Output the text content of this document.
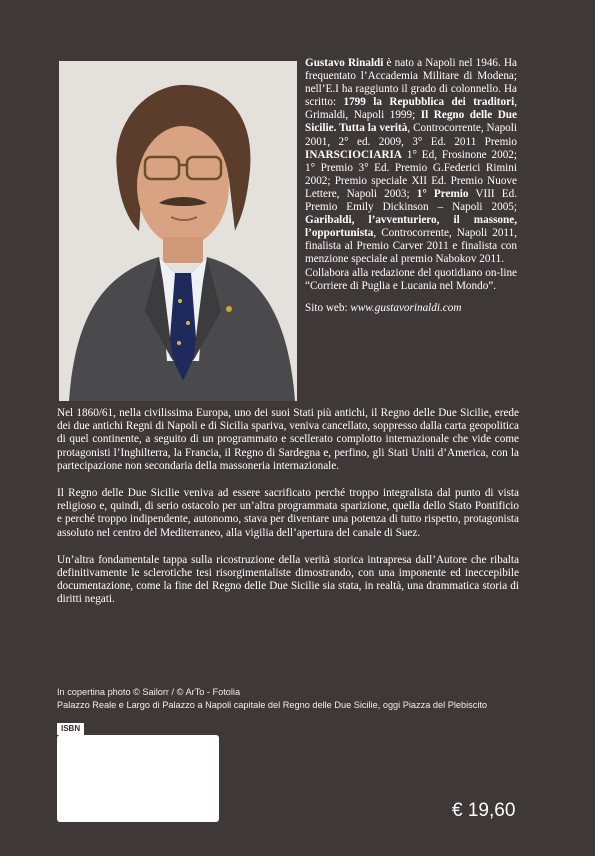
Gustavo Rinaldi è nato a Napoli nel 1946. Ha frequentato l’Accademia Militare di Modena; nell’E.I ha raggiunto il grado di colonnello. Ha scritto: 1799 la Repubblica dei traditori, Grimaldi, Napoli 1999; Il Regno delle Due Sicilie. Tutta la verità, Controcorrente, Napoli 2001, 2° ed. 2009, 3° Ed. 2011 Premio INARSCIOCIARIA 1° Ed, Frosinone 2002; 1° Premio 3° Ed. Premio G.Federici Rimini 2002; Premio speciale XII Ed. Premio Nuove Lettere, Napoli 2003; 1° Premio VIII Ed. Premio Emily Dickinson – Napoli 2005; Garibaldi, l’avventuriero, il massone, l’opportunista, Controcorrente, Napoli 2011, finalista al Premio Carver 2011 e finalista con menzione speciale al premio Nabokov 2011.
Collabora alla redazione del quotidiano on-line “Corriere di Puglia e Lucania nel Mondo”.
Sito web: www.gustavorinaldi.com

Nel 1860/61, nella civilissima Europa, uno dei suoi Stati più antichi, il Regno delle Due Sicilie, erede dei due antichi Regni di Napoli e di Sicilia spariva, veniva cancellato, soppresso dalla carta geopolitica di quel continente, a seguito di un programmato e scellerato complotto internazionale che vide come protagonisti l’Inghilterra, la Francia, il Regno di Sardegna e, perfino, gli Stati Uniti d’America, con la partecipazione non secondaria della massoneria internazionale.

Il Regno delle Due Sicilie veniva ad essere sacrificato perché troppo integralista dal punto di vista religioso e, quindi, di serio ostacolo per un’altra programmata sparizione, quella dello Stato Pontificio e perché troppo indipendente, autonomo, stava per diventare una potenza di tutto rispetto, protagonista assoluto nel centro del Mediterraneo, alla vigilia dell’apertura del canale di Suez.

Un’altra fondamentale tappa sulla ricostruzione della verità storica intrapresa dall’Autore che ribalta definitivamente le sclerotiche tesi risorgimentaliste dimostrando, con una imponente ed ineccepibile documentazione, come la fine del Regno delle Due Sicilie sia stata, in realtà, una drammatica storia di diritti negati.

In copertina photo © Sailorr / © ArTo - Fotolia
Palazzo Reale e Largo di Palazzo a Napoli capitale del Regno delle Due Sicilie, oggi Piazza del Plebiscito
ISBN
€ 19,60
